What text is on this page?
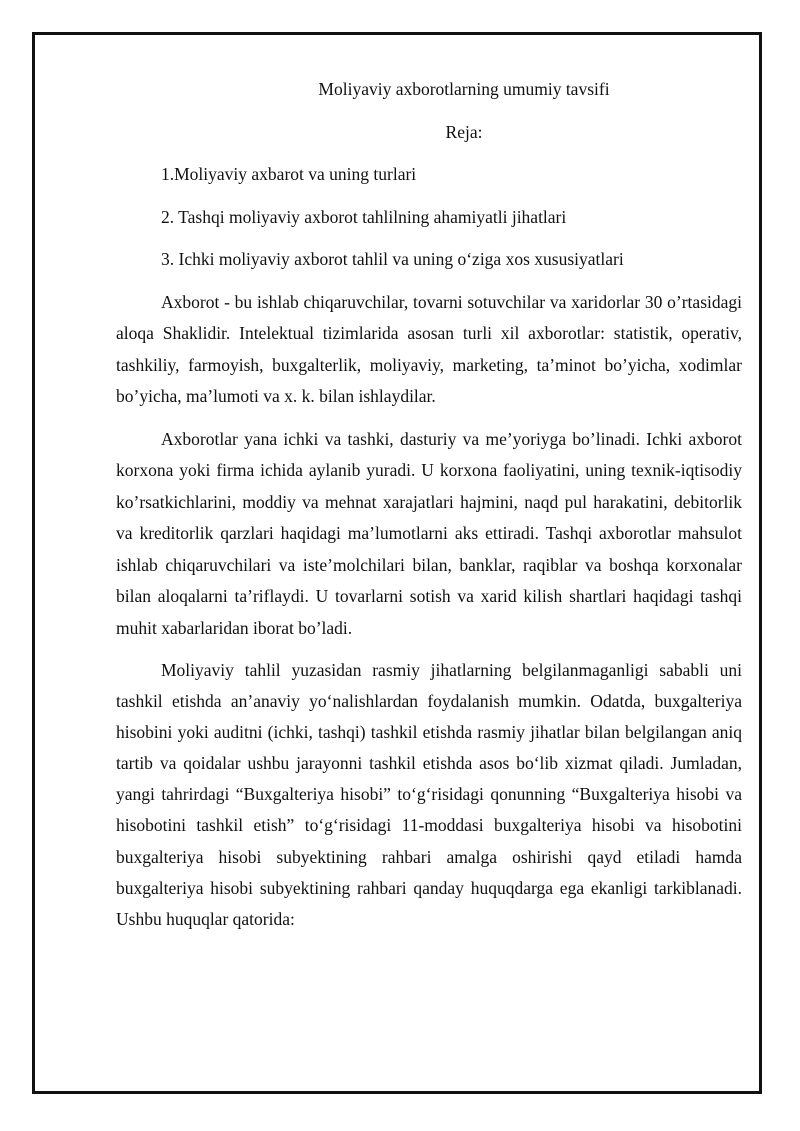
Moliyaviy axborotlarning umumiy tavsifi

Reja:

1.Moliyaviy axbarot va uning turlari

2. Tashqi moliyaviy axborot tahlilning ahamiyatli jihatlari

3. Ichki moliyaviy axborot tahlil va uning oʻziga xos xususiyatlari

Axborot - bu ishlab chiqaruvchilar, tovarni sotuvchilar va xaridorlar 30 o’rtasidagi aloqa Shaklidir. Intelektual tizimlarida asosan turli xil axborotlar: statistik, operativ, tashkiliy, farmoyish, buxgalterlik, moliyaviy, marketing, ta’minot bo’yicha, xodimlar bo’yicha, ma’lumoti va x. k. bilan ishlaydilar.

Axborotlar yana ichki va tashki, dasturiy va me’yoriyga bo’linadi. Ichki axborot korxona yoki firma ichida aylanib yuradi. U korxona faoliyatini, uning texnik-iqtisodiy ko’rsatkichlarini, moddiy va mehnat xarajatlari hajmini, naqd pul harakatini, debitorlik va kreditorlik qarzlari haqidagi ma’lumotlarni aks ettiradi. Tashqi axborotlar mahsulot ishlab chiqaruvchilari va iste’molchilari bilan, banklar, raqiblar va boshqa korxonalar bilan aloqalarni ta’riflaydi. U tovarlarni sotish va xarid kilish shartlari haqidagi tashqi muhit xabarlaridan iborat bo’ladi.

Moliyaviy tahlil yuzasidan rasmiy jihatlarning belgilanmaganligi sababli uni tashkil etishda an’anaviy yoʻnalishlardan foydalanish mumkin. Odatda, buxgalteriya hisobini yoki auditni (ichki, tashqi) tashkil etishda rasmiy jihatlar bilan belgilangan aniq tartib va qoidalar ushbu jarayonni tashkil etishda asos boʻlib xizmat qiladi. Jumladan, yangi tahrirdagi “Buxgalteriya hisobi” toʻgʻrisidagi qonunning “Buxgalteriya hisobi va hisobotini tashkil etish” toʻgʻrisidagi 11-moddasi buxgalteriya hisobi va hisobotini buxgalteriya hisobi subyektining rahbari amalga oshirishi qayd etiladi hamda buxgalteriya hisobi subyektining rahbari qanday huquqdarga ega ekanligi tarkiblanadi. Ushbu huquqlar qatorida:
